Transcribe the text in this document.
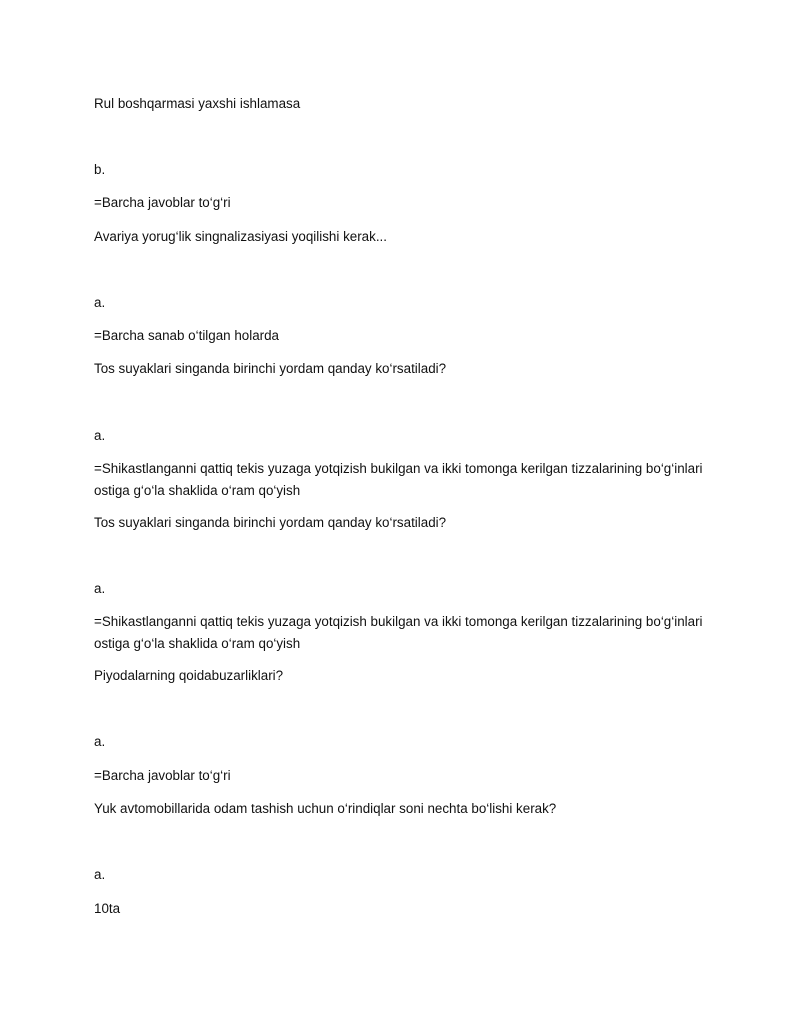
Rul boshqarmasi yaxshi ishlamasa

b.

=Barcha javoblar to‘g‘ri

Avariya yorug‘lik singnalizasiyasi yoqilishi kerak...

a.

=Barcha sanab o‘tilgan holarda

Tos suyaklari singanda birinchi yordam qanday ko‘rsatiladi?

a.

=Shikastlanganni qattiq tekis yuzaga yotqizish bukilgan va ikki tomonga kerilgan tizzalarining bo‘g‘inlari ostiga g‘o‘la shaklida o‘ram qo‘yish

Tos suyaklari singanda birinchi yordam qanday ko‘rsatiladi?

a.

=Shikastlanganni qattiq tekis yuzaga yotqizish bukilgan va ikki tomonga kerilgan tizzalarining bo‘g‘inlari ostiga g‘o‘la shaklida o‘ram qo‘yish

Piyodalarning qoidabuzarliklari?

a.

=Barcha javoblar to‘g‘ri

Yuk avtomobillarida odam tashish uchun o‘rindiqlar soni nechta bo‘lishi kerak?

a.

10ta
